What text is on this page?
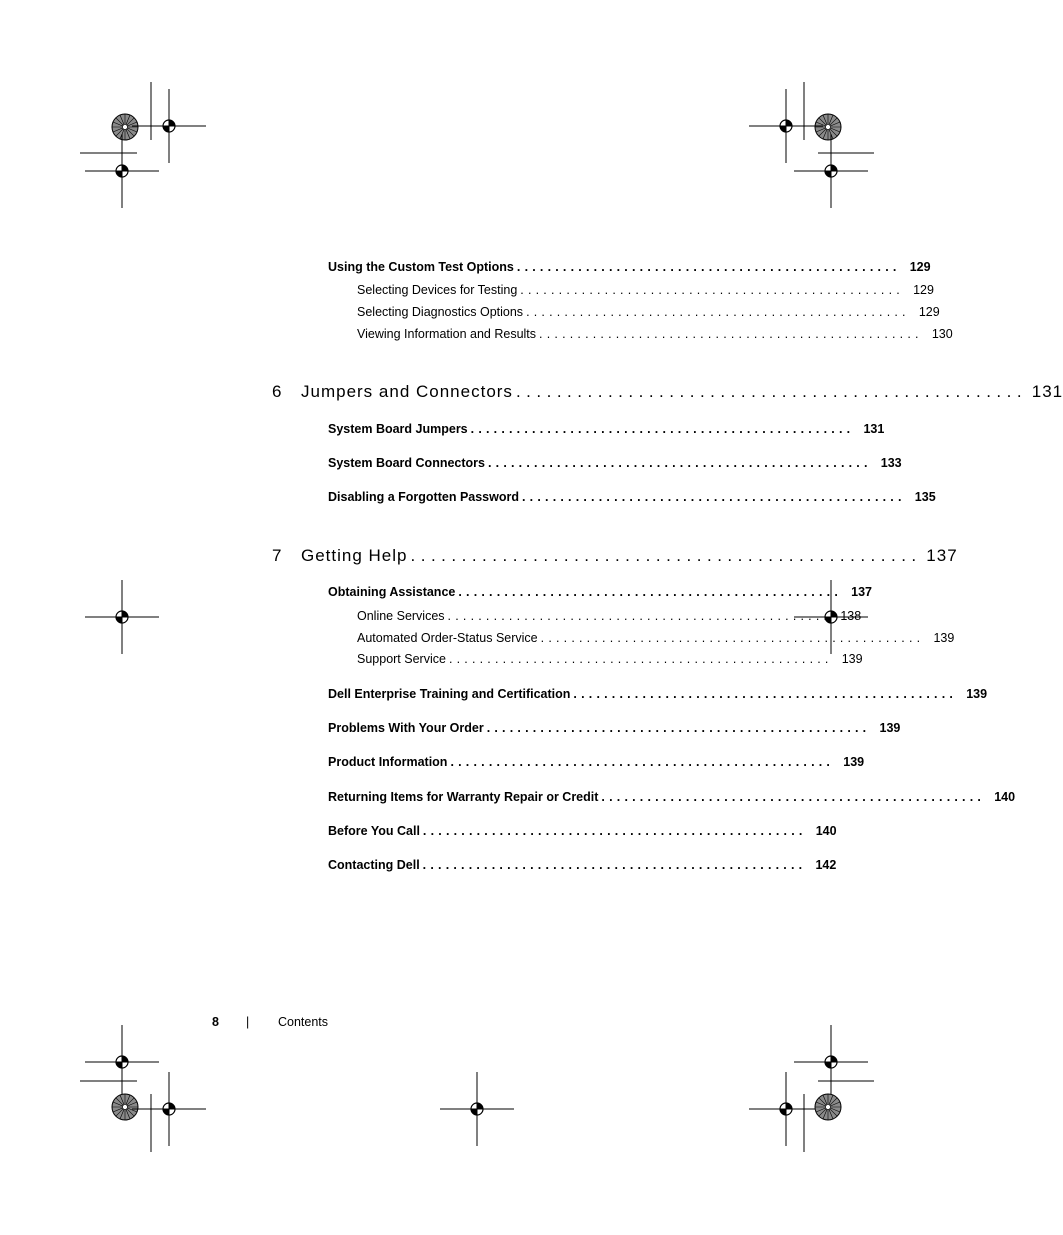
Using the Custom Test Options .................................................. 129
Selecting Devices for Testing .................................................. 129
Selecting Diagnostics Options .................................................. 129
Viewing Information and Results .................................................. 130
6	Jumpers and Connectors .................................................. 131
System Board Jumpers .................................................. 131
System Board Connectors .................................................. 133
Disabling a Forgotten Password .................................................. 135
7	Getting Help .................................................. 137
Obtaining Assistance .................................................. 137
Online Services .................................................. 138
Automated Order-Status Service .................................................. 139
Support Service .................................................. 139
Dell Enterprise Training and Certification .................................................. 139
Problems With Your Order .................................................. 139
Product Information .................................................. 139
Returning Items for Warranty Repair or Credit .................................................. 140
Before You Call .................................................. 140
Contacting Dell .................................................. 142
8 | Contents
